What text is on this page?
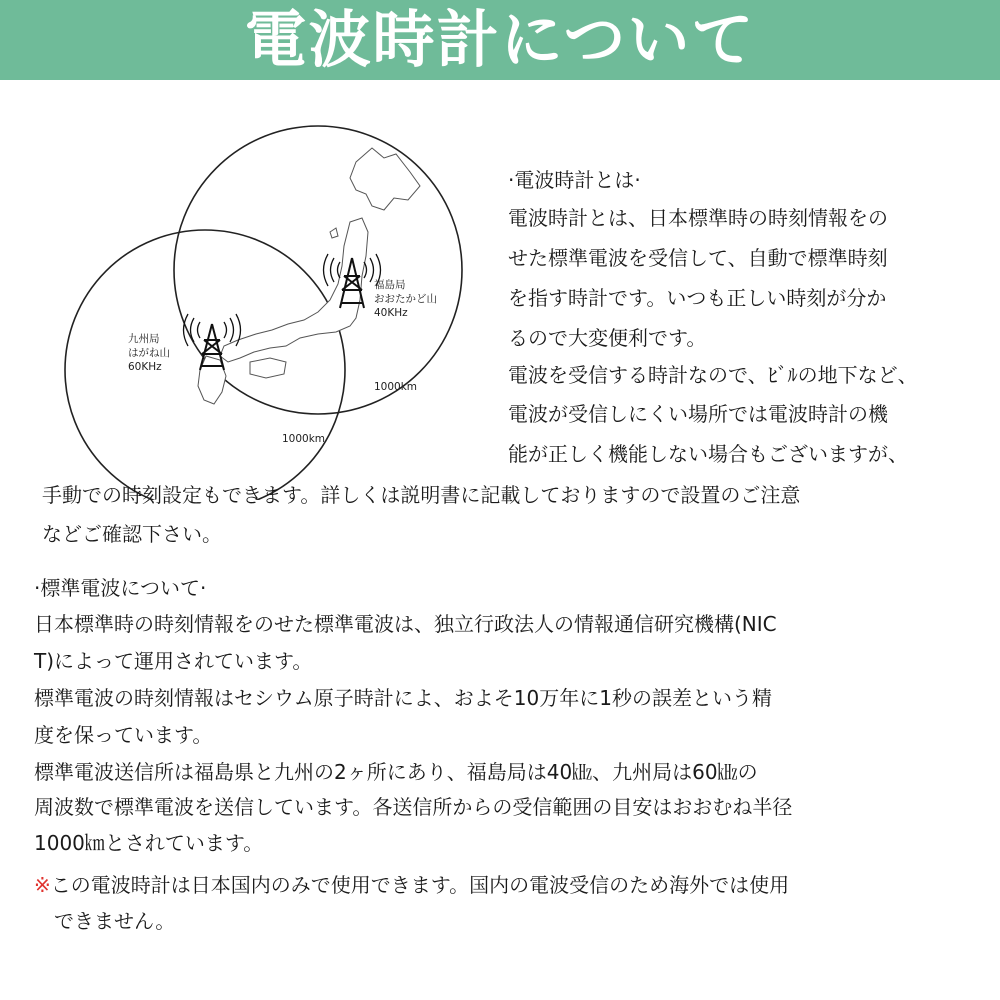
電波時計について
福島局
おおたかど山
40KHz
1000km
九州局
はがね山
60KHz
1000km
·電波時計とは·
電波時計とは、日本標準時の時刻情報をの
せた標準電波を受信して、自動で標準時刻
を指す時計です。いつも正しい時刻が分か
るので大変便利です。
電波を受信する時計なので、ﾋﾞﾙの地下など、
電波が受信しにくい場所では電波時計の機
能が正しく機能しない場合もございますが、
手動での時刻設定もできます。詳しくは説明書に記載しておりますので設置のご注意
などご確認下さい。
·標準電波について·
日本標準時の時刻情報をのせた標準電波は、独立行政法人の情報通信研究機構(NIC
T)によって運用されています。
標準電波の時刻情報はセシウム原子時計によ、およそ10万年に1秒の誤差という精
度を保っています。
標準電波送信所は福島県と九州の2ヶ所にあり、福島局は40㎑、九州局は60㎑の
周波数で標準電波を送信しています。各送信所からの受信範囲の目安はおおむね半径
1000㎞とされています。
※この電波時計は日本国内のみで使用できます。国内の電波受信のため海外では使用
できません。
